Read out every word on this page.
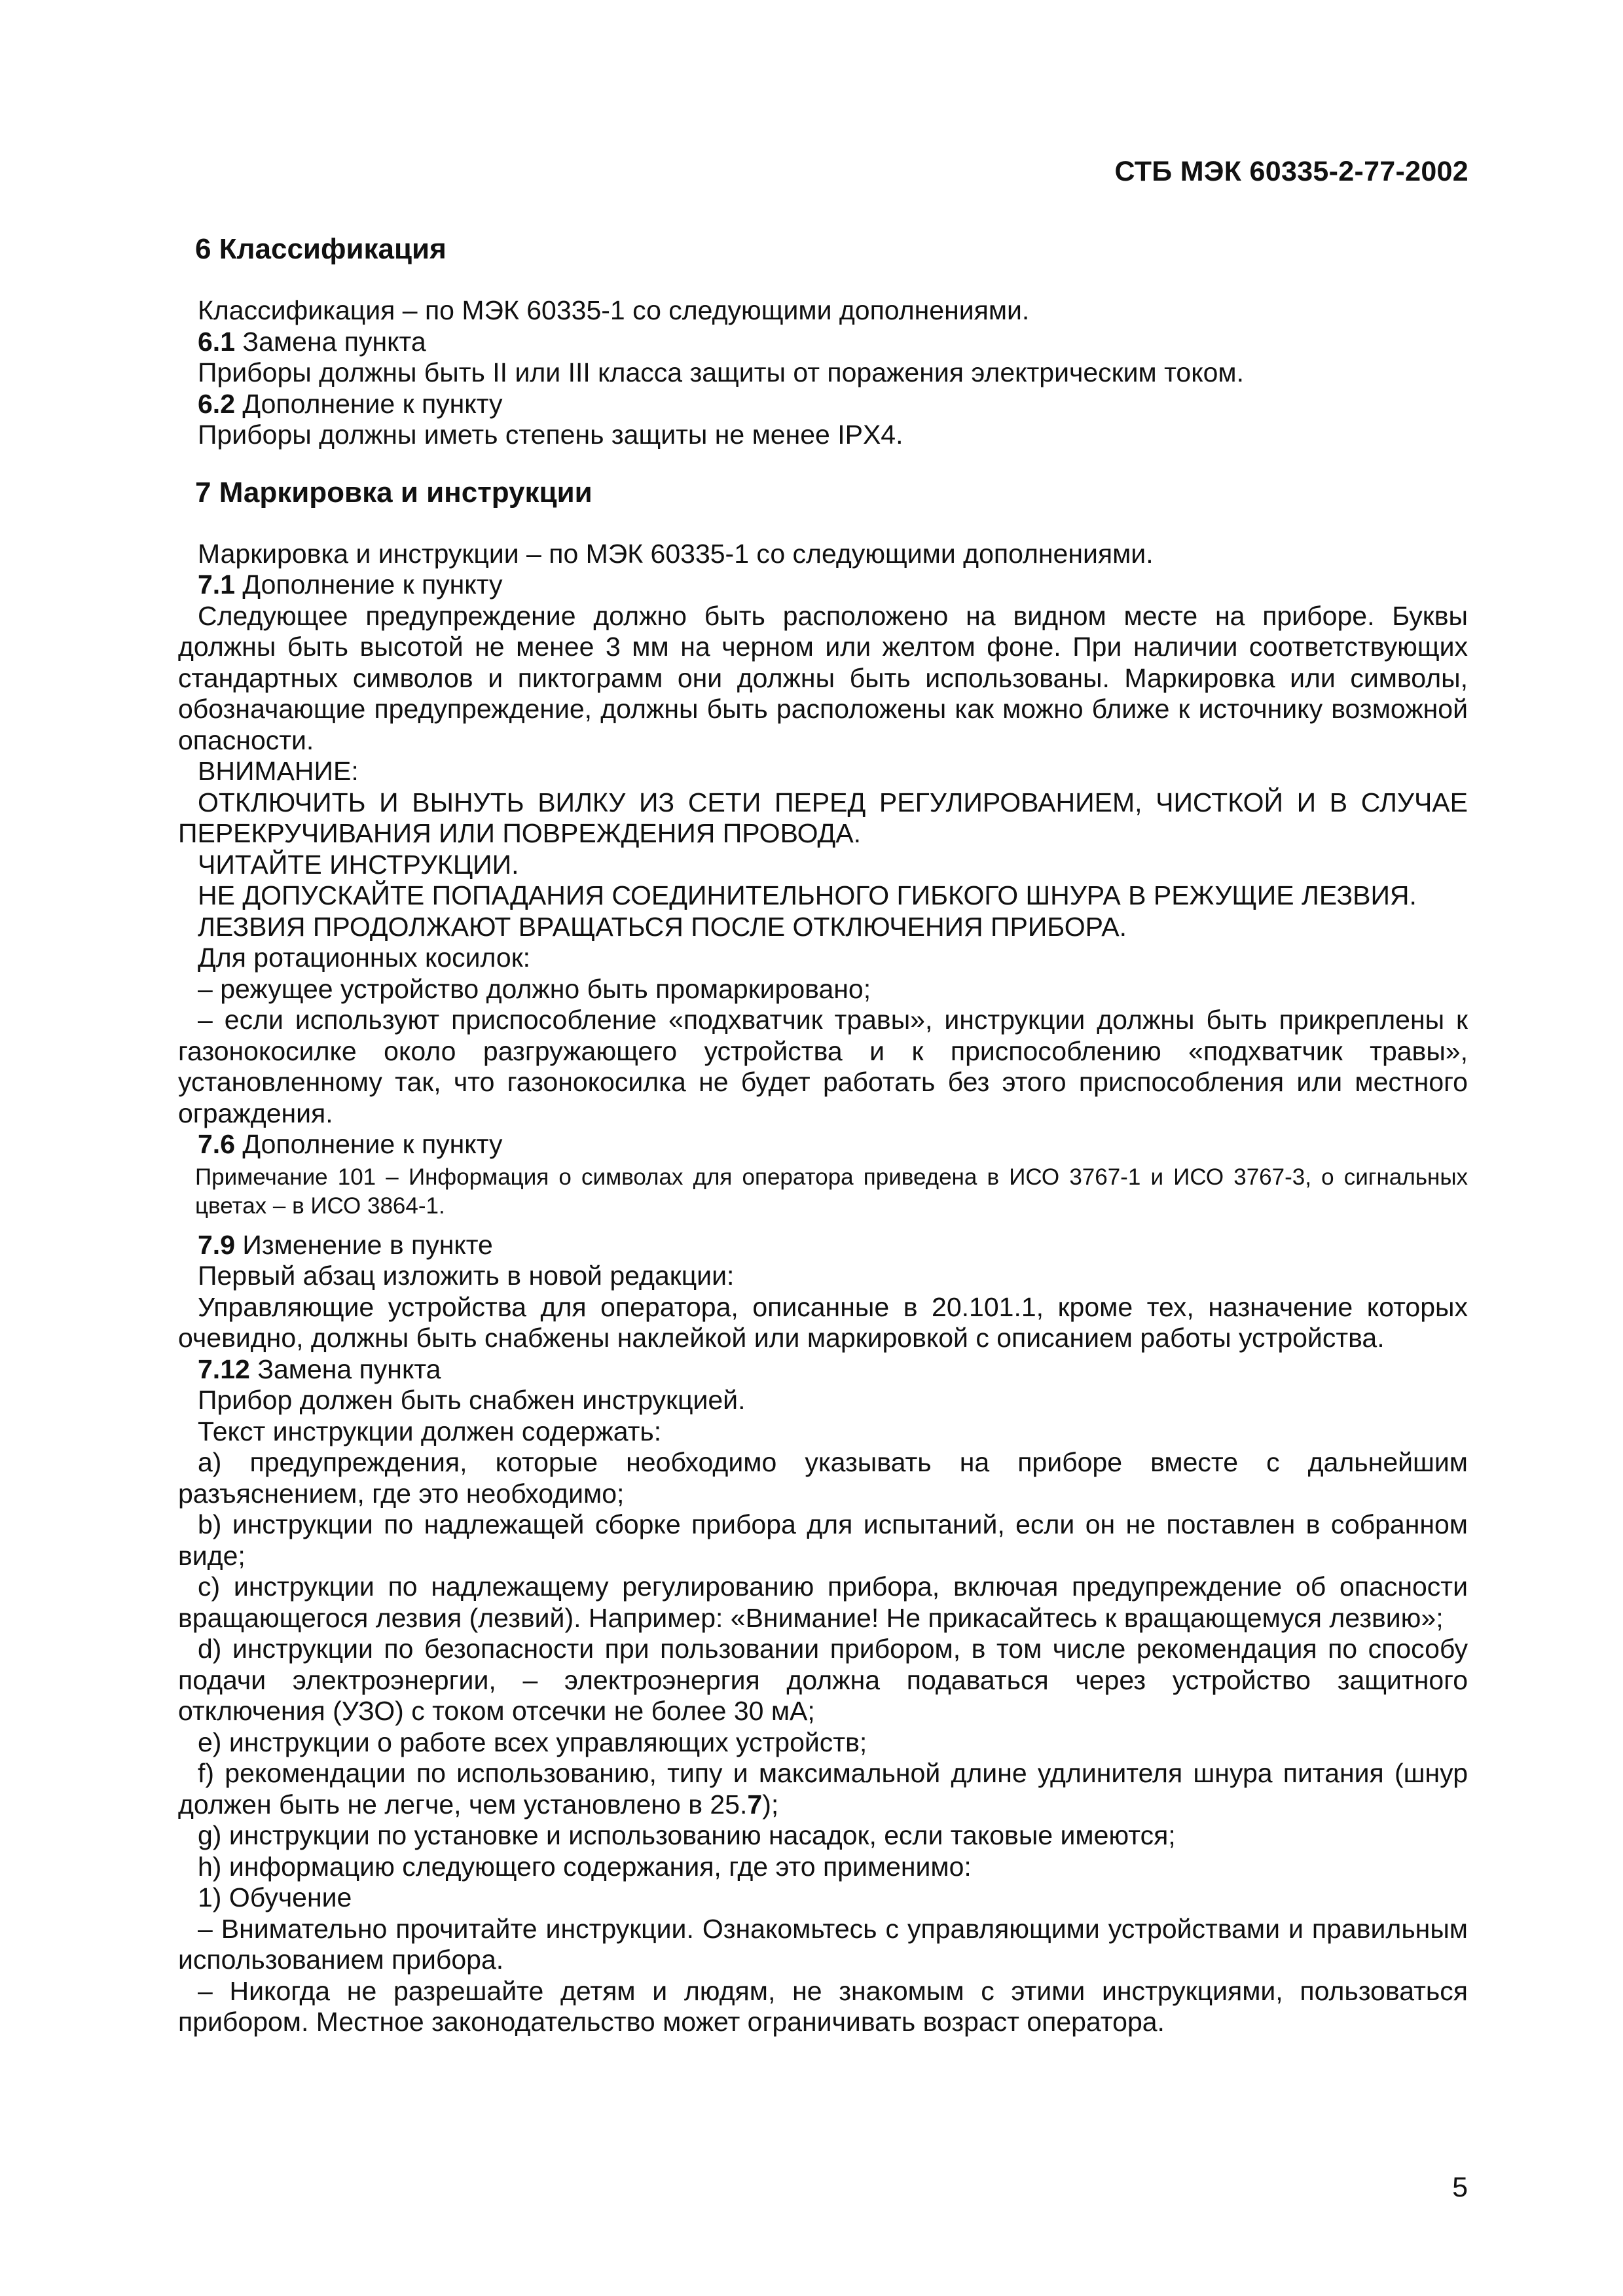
СТБ МЭК 60335-2-77-2002
6 Классификация

Классификация – по МЭК 60335-1 со следующими дополнениями.

6.1 Замена пункта

Приборы должны быть II или III класса защиты от поражения электрическим током.

6.2 Дополнение к пункту

Приборы должны иметь степень защиты не менее IPX4.

7 Маркировка и инструкции

Маркировка и инструкции – по МЭК 60335-1 со следующими дополнениями.

7.1 Дополнение к пункту

Следующее предупреждение должно быть расположено на видном месте на приборе. Буквы должны быть высотой не менее 3 мм на черном или желтом фоне. При наличии соответствующих стандартных символов и пиктограмм они должны быть использованы. Маркировка или символы, обозначающие предупреждение, должны быть расположены как можно ближе к источнику возможной опасности.

ВНИМАНИЕ:

ОТКЛЮЧИТЬ И ВЫНУТЬ ВИЛКУ ИЗ СЕТИ ПЕРЕД РЕГУЛИРОВАНИЕМ, ЧИСТКОЙ И В СЛУЧАЕ ПЕРЕКРУЧИВАНИЯ ИЛИ ПОВРЕЖДЕНИЯ ПРОВОДА.

ЧИТАЙТЕ ИНСТРУКЦИИ.

НЕ ДОПУСКАЙТЕ ПОПАДАНИЯ СОЕДИНИТЕЛЬНОГО ГИБКОГО ШНУРА В РЕЖУЩИЕ ЛЕЗВИЯ.

ЛЕЗВИЯ ПРОДОЛЖАЮТ ВРАЩАТЬСЯ ПОСЛЕ ОТКЛЮЧЕНИЯ ПРИБОРА.

Для ротационных косилок:

– режущее устройство должно быть промаркировано;

– если используют приспособление «подхватчик травы», инструкции должны быть прикреплены к газонокосилке около разгружающего устройства и к приспособлению «подхватчик травы», установленному так, что газонокосилка не будет работать без этого приспособления или местного ограждения.

7.6 Дополнение к пункту

Примечание 101 – Информация о символах для оператора приведена в ИСО 3767-1 и ИСО 3767-3, о сигнальных цветах – в ИСО 3864-1.

7.9 Изменение в пункте

Первый абзац изложить в новой редакции:

Управляющие устройства для оператора, описанные в 20.101.1, кроме тех, назначение которых очевидно, должны быть снабжены наклейкой или маркировкой с описанием работы устройства.

7.12 Замена пункта

Прибор должен быть снабжен инструкцией.

Текст инструкции должен содержать:

a) предупреждения, которые необходимо указывать на приборе вместе с дальнейшим разъяснением, где это необходимо;

b) инструкции по надлежащей сборке прибора для испытаний, если он не поставлен в собранном виде;

c) инструкции по надлежащему регулированию прибора, включая предупреждение об опасности вращающегося лезвия (лезвий). Например: «Внимание! Не прикасайтесь к вращающемуся лезвию»;

d) инструкции по безопасности при пользовании прибором, в том числе рекомендация по способу подачи электроэнергии, – электроэнергия должна подаваться через устройство защитного отключения (УЗО) с током отсечки не более 30 мА;

e) инструкции о работе всех управляющих устройств;

f) рекомендации по использованию, типу и максимальной длине удлинителя шнура питания (шнур должен быть не легче, чем установлено в 25.7);

g) инструкции по установке и использованию насадок, если таковые имеются;

h) информацию следующего содержания, где это применимо:

1) Обучение

– Внимательно прочитайте инструкции. Ознакомьтесь с управляющими устройствами и правильным использованием прибора.

– Никогда не разрешайте детям и людям, не знакомым с этими инструкциями, пользоваться прибором. Местное законодательство может ограничивать возраст оператора.

5
